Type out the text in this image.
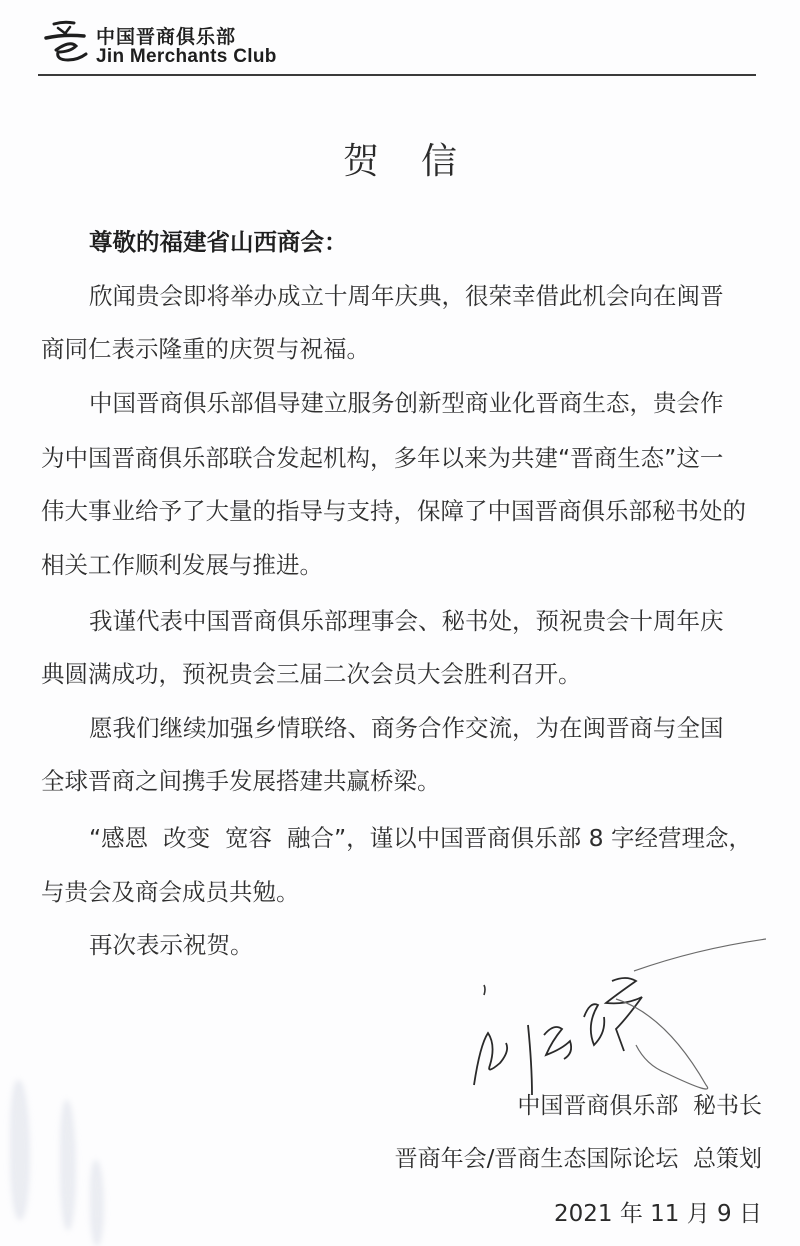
中国晋商俱乐部
Jin Merchants Club
贺信
尊敬的福建省山西商会：
欣闻贵会即将举办成立十周年庆典，很荣幸借此机会向在闽晋
商同仁表示隆重的庆贺与祝福。
中国晋商俱乐部倡导建立服务创新型商业化晋商生态，贵会作
为中国晋商俱乐部联合发起机构，多年以来为共建“晋商生态”这一
伟大事业给予了大量的指导与支持，保障了中国晋商俱乐部秘书处的
相关工作顺利发展与推进。
我谨代表中国晋商俱乐部理事会、秘书处，预祝贵会十周年庆
典圆满成功，预祝贵会三届二次会员大会胜利召开。
愿我们继续加强乡情联络、商务合作交流，为在闽晋商与全国
全球晋商之间携手发展搭建共赢桥梁。
“感恩  改变  宽容  融合”，谨以中国晋商俱乐部 8 字经营理念，
与贵会及商会成员共勉。
再次表示祝贺。
中国晋商俱乐部  秘书长
晋商年会/晋商生态国际论坛  总策划
2021 年 11 月 9 日
